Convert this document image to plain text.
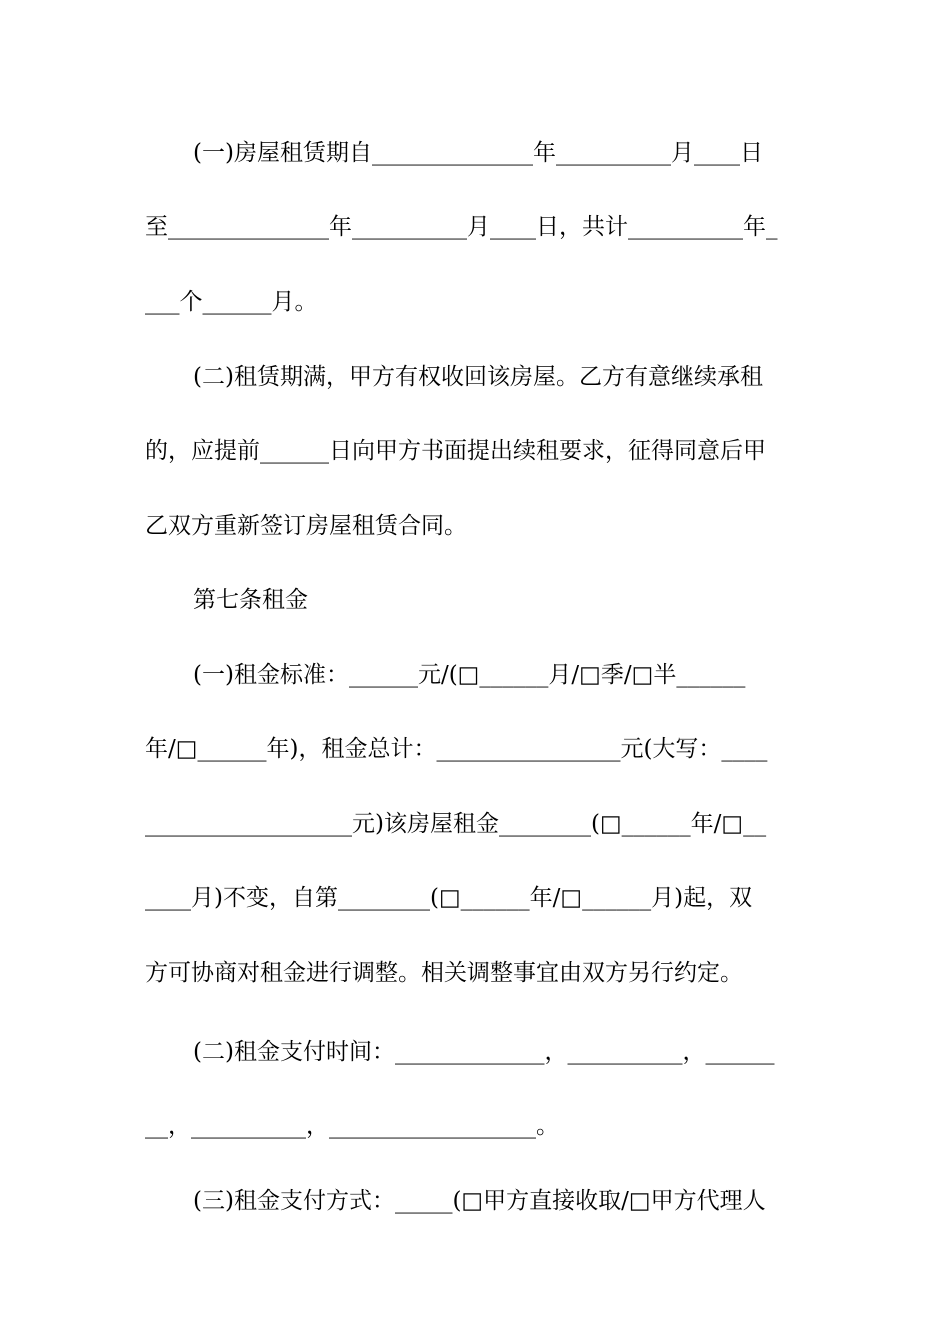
(一)房屋租赁期自______________年__________月____日
至______________年__________月____日，共计__________年_
___个______月。
(二)租赁期满，甲方有权收回该房屋。乙方有意继续承租
的，应提前______日向甲方书面提出续租要求，征得同意后甲
乙双方重新签订房屋租赁合同。
第七条租金
(一)租金标准：______元/(□______月/□季/□半______
年/□______年)，租金总计：________________元(大写：____
__________________元)该房屋租金________(□______年/□__
____月)不变，自第________(□______年/□______月)起，双
方可协商对租金进行调整。相关调整事宜由双方另行约定。
(二)租金支付时间：_____________，__________，______
__，__________，__________________。
(三)租金支付方式：_____(□甲方直接收取/□甲方代理人
